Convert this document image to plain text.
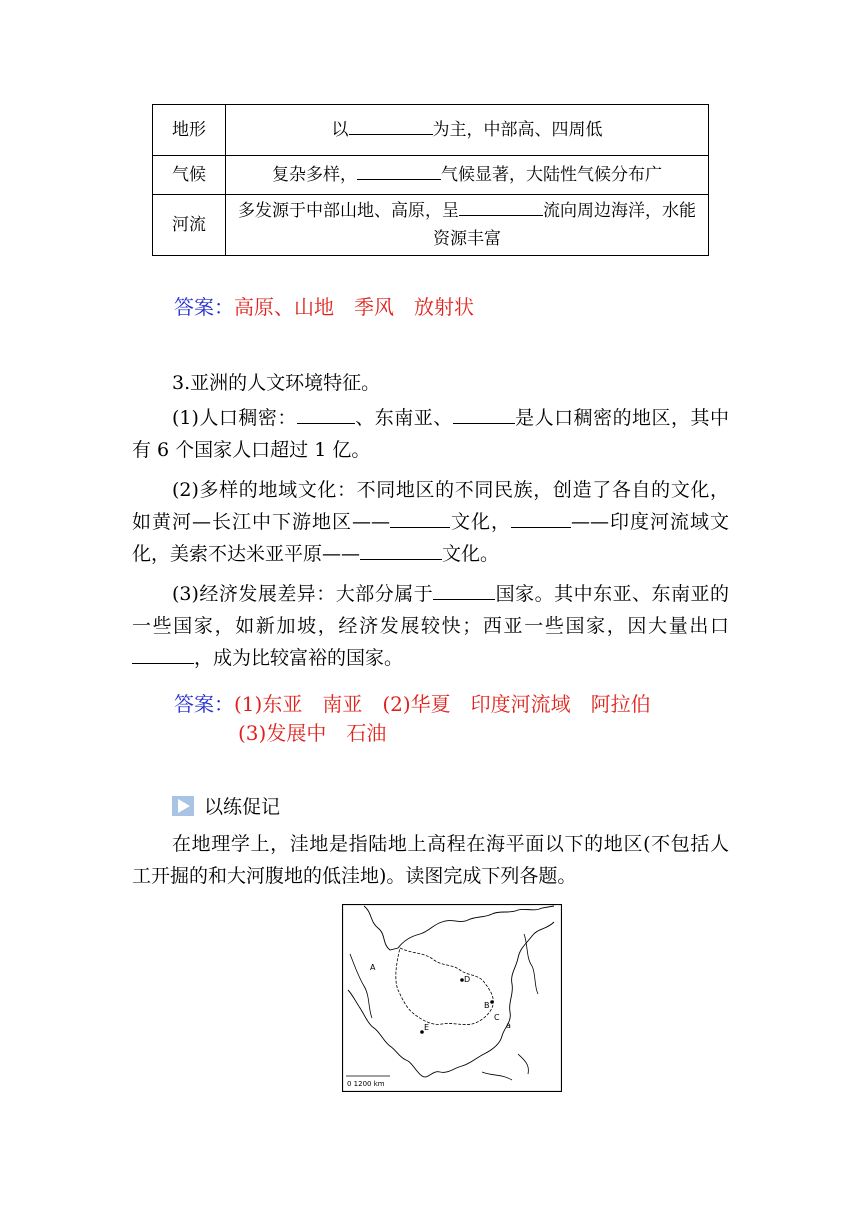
地形	以 为主，中部高、四周低
气候	复杂多样， 气候显著，大陆性气候分布广
河流	多发源于中部山地、高原，呈 流向周边海洋，水能资源丰富
答案：高原、山地　季风　放射状
3.亚洲的人文环境特征。

(1)人口稠密：	、东南亚、	是人口稠密的地区，其中有 6 个国家人口超过 1 亿。

(2)多样的地域文化：不同地区的不同民族，创造了各自的文化，如黄河—长江中下游地区——	文化，	——印度河流域文化，美索不达米亚平原——	文化。

(3)经济发展差异：大部分属于	国家。其中东亚、东南亚的一些国家，如新加坡，经济发展较快；西亚一些国家，因大量出口，成为比较富裕的国家。

答案：(1)东亚　南亚　(2)华夏　印度河流域　阿拉伯
(3)发展中　石油
以练促记

在地理学上，洼地是指陆地上高程在海平面以下的地区(不包括人工开掘的和大河腹地的低洼地)。读图完成下列各题。

D
B
C
A
E	a
0 1200 km
